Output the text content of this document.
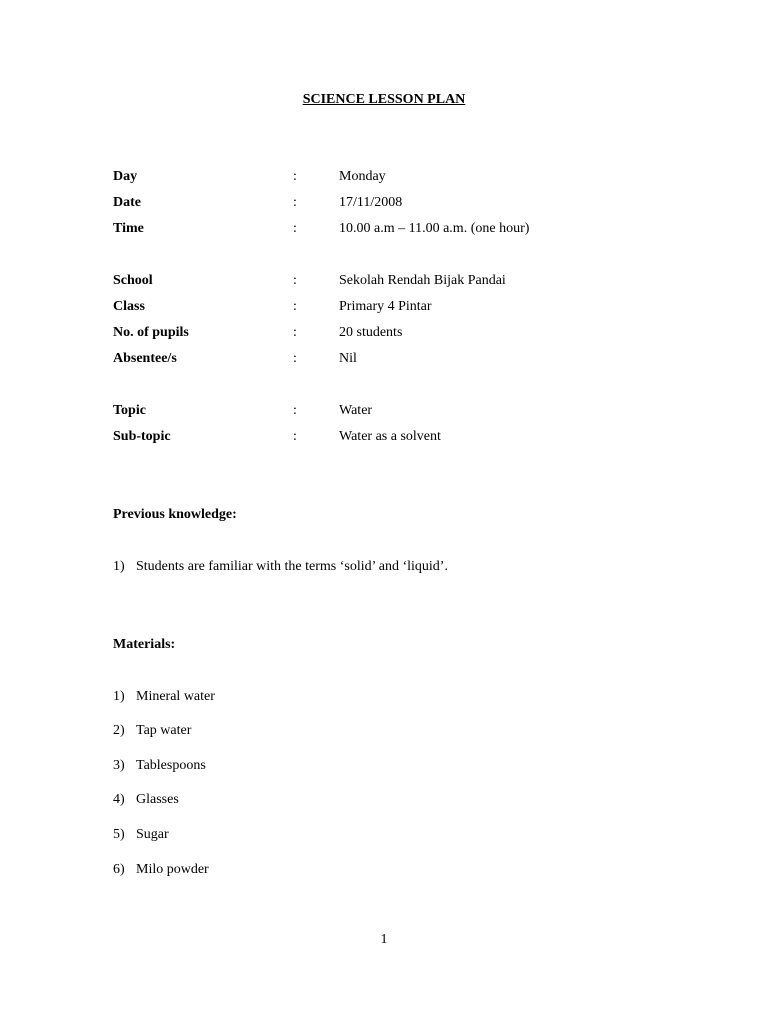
SCIENCE LESSON PLAN
Day	:	Monday
Date	:	17/11/2008
Time	:	10.00 a.m – 11.00 a.m. (one hour)
School	:	Sekolah Rendah Bijak Pandai
Class	:	Primary 4 Pintar
No. of pupils	:	20 students
Absentee/s	:	Nil
Topic	:	Water
Sub-topic	:	Water as a solvent
Previous knowledge:
1) Students are familiar with the terms ‘solid’ and ‘liquid’.
Materials:
1) Mineral water
2) Tap water
3) Tablespoons
4) Glasses
5) Sugar
6) Milo powder
1
